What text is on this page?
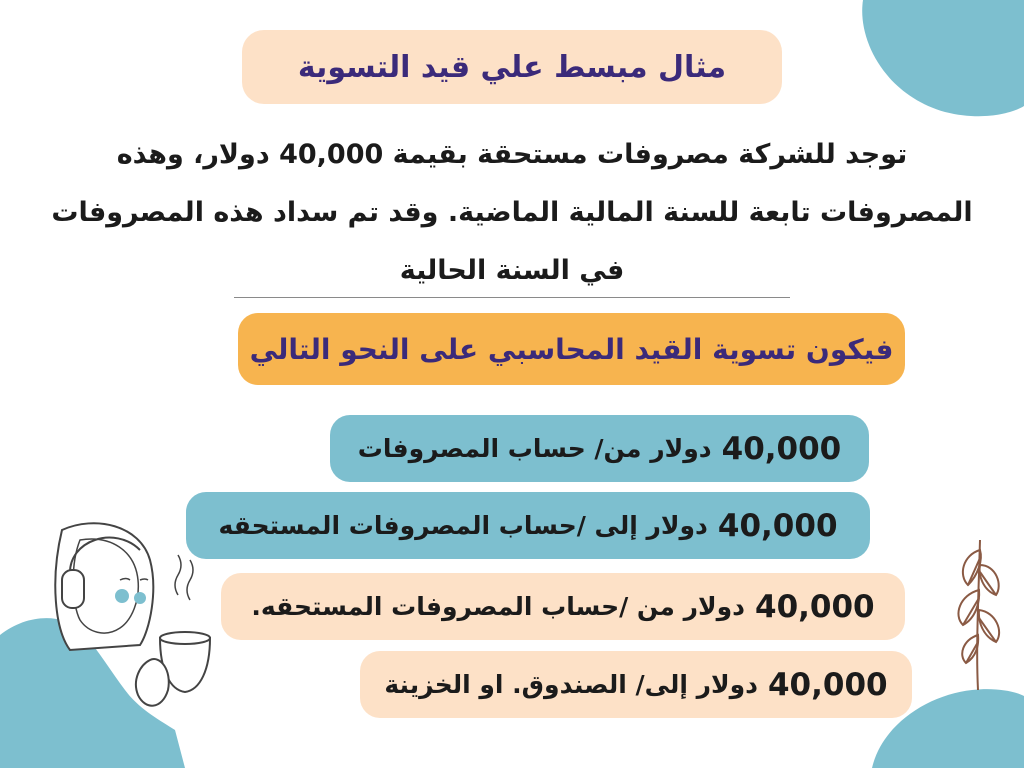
مثال مبسط علي قيد التسوية
توجد للشركة مصروفات مستحقة بقيمة 40,000 دولار، وهذه
المصروفات تابعة للسنة المالية الماضية. وقد تم سداد هذه المصروفات
في السنة الحالية
فيكون تسوية القيد المحاسبي على النحو التالي
40,000
دولار من/ حساب المصروفات
40,000
دولار إلى /حساب المصروفات المستحقه
40,000
دولار من /حساب المصروفات المستحقه.
40,000
دولار إلى/ الصندوق. او الخزينة
